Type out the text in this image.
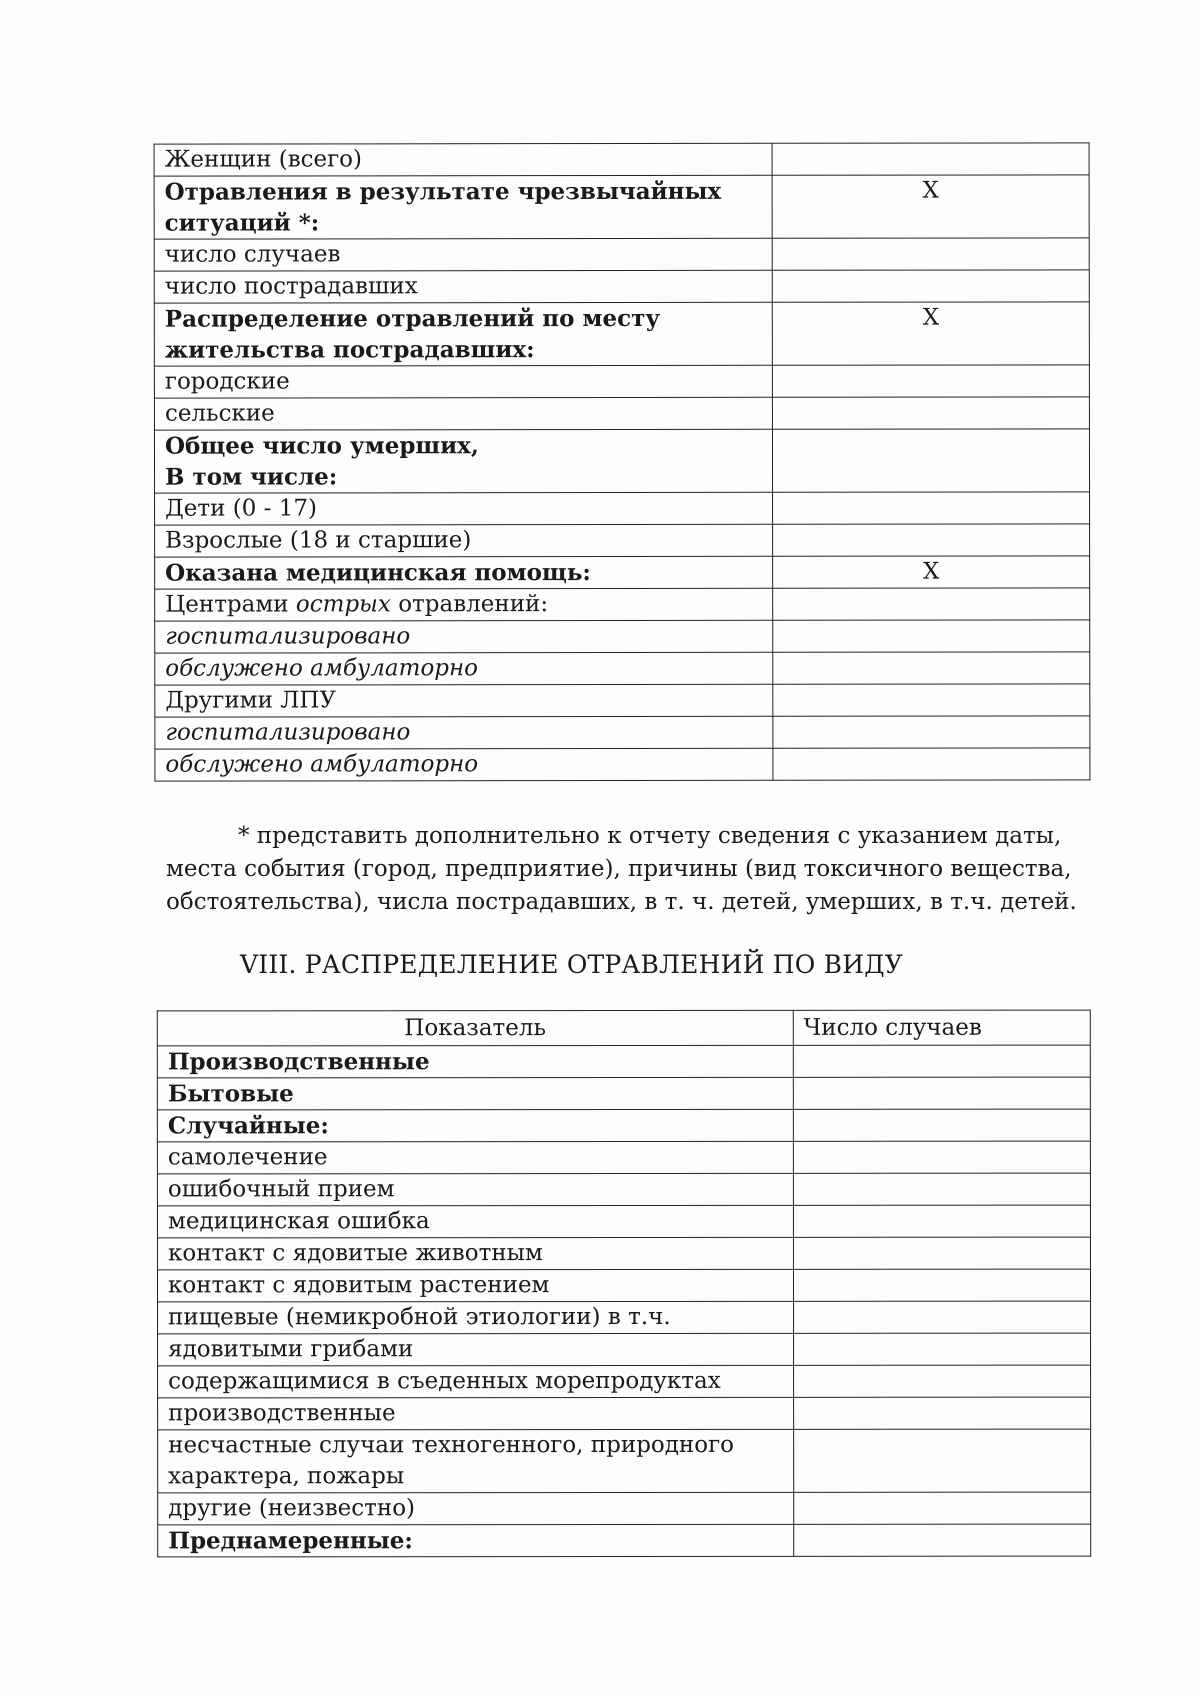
Женщин (всего)	
Отравления в результате чрезвычайных ситуаций *:	X
число случаев	
число пострадавших	
Распределение отравлений по месту жительства пострадавших:	X
городские	
сельские	
Общее число умерших,
В том числе:	
Дети (0 - 17)	
Взрослые (18 и старшие)	
Оказана медицинская помощь:	X
Центрами острых отравлений:	
госпитализировано	
обслужено амбулаторно	
Другими ЛПУ	
госпитализировано	
обслужено амбулаторно	
* представить дополнительно к отчету сведения с указанием даты,
места события (город, предприятие), причины (вид токсичного вещества,
обстоятельства), числа пострадавших, в т. ч. детей, умерших, в т.ч. детей.
VIII. РАСПРЕДЕЛЕНИЕ ОТРАВЛЕНИЙ ПО ВИДУ
Показатель	Число случаев
Производственные	
Бытовые	
Случайные:	
самолечение	
ошибочный прием	
медицинская ошибка	
контакт с ядовитые животным	
контакт с ядовитым растением	
пищевые (немикробной этиологии) в т.ч.	
ядовитыми грибами	
содержащимися в съеденных морепродуктах	
производственные	
несчастные случаи техногенного, природного характера, пожары	
другие (неизвестно)	
Преднамеренные:	
